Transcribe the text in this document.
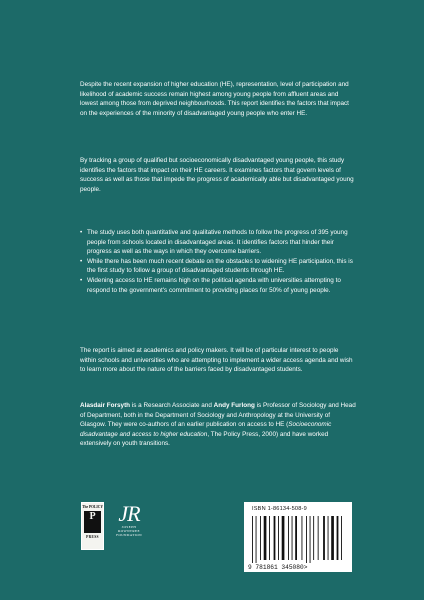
Despite the recent expansion of higher education (HE), representation, level of participation and likelihood of academic success remain highest among young people from affluent areas and lowest among those from deprived neighbourhoods. This report identifies the factors that impact on the experiences of the minority of disadvantaged young people who enter HE.

By tracking a group of qualified but socioeconomically disadvantaged young people, this study identifies the factors that impact on their HE careers. It examines factors that govern levels of success as well as those that impede the progress of academically able but disadvantaged young people.

• The study uses both quantitative and qualitative methods to follow the progress of 395 young people from schools located in disadvantaged areas. It identifies factors that hinder their progress as well as the ways in which they overcome barriers.
• While there has been much recent debate on the obstacles to widening HE participation, this is the first study to follow a group of disadvantaged students through HE.
• Widening access to HE remains high on the political agenda with universities attempting to respond to the government's commitment to providing places for 50% of young people.

The report is aimed at academics and policy makers. It will be of particular interest to people within schools and universities who are attempting to implement a wider access agenda and wish to learn more about the nature of the barriers faced by disadvantaged students.

Alasdair Forsyth is a Research Associate and Andy Furlong is Professor of Sociology and Head of Department, both in the Department of Sociology and Anthropology at the University of Glasgow. They were co-authors of an earlier publication on access to HE (Socioeconomic disadvantage and access to higher education, The Policy Press, 2000) and have worked extensively on youth transitions.

The POLICY
P
PRESS
JR
JOSEPH
ROWNTREE
FOUNDATION
ISBN 1-86134-508-9
9 781861 345080>
